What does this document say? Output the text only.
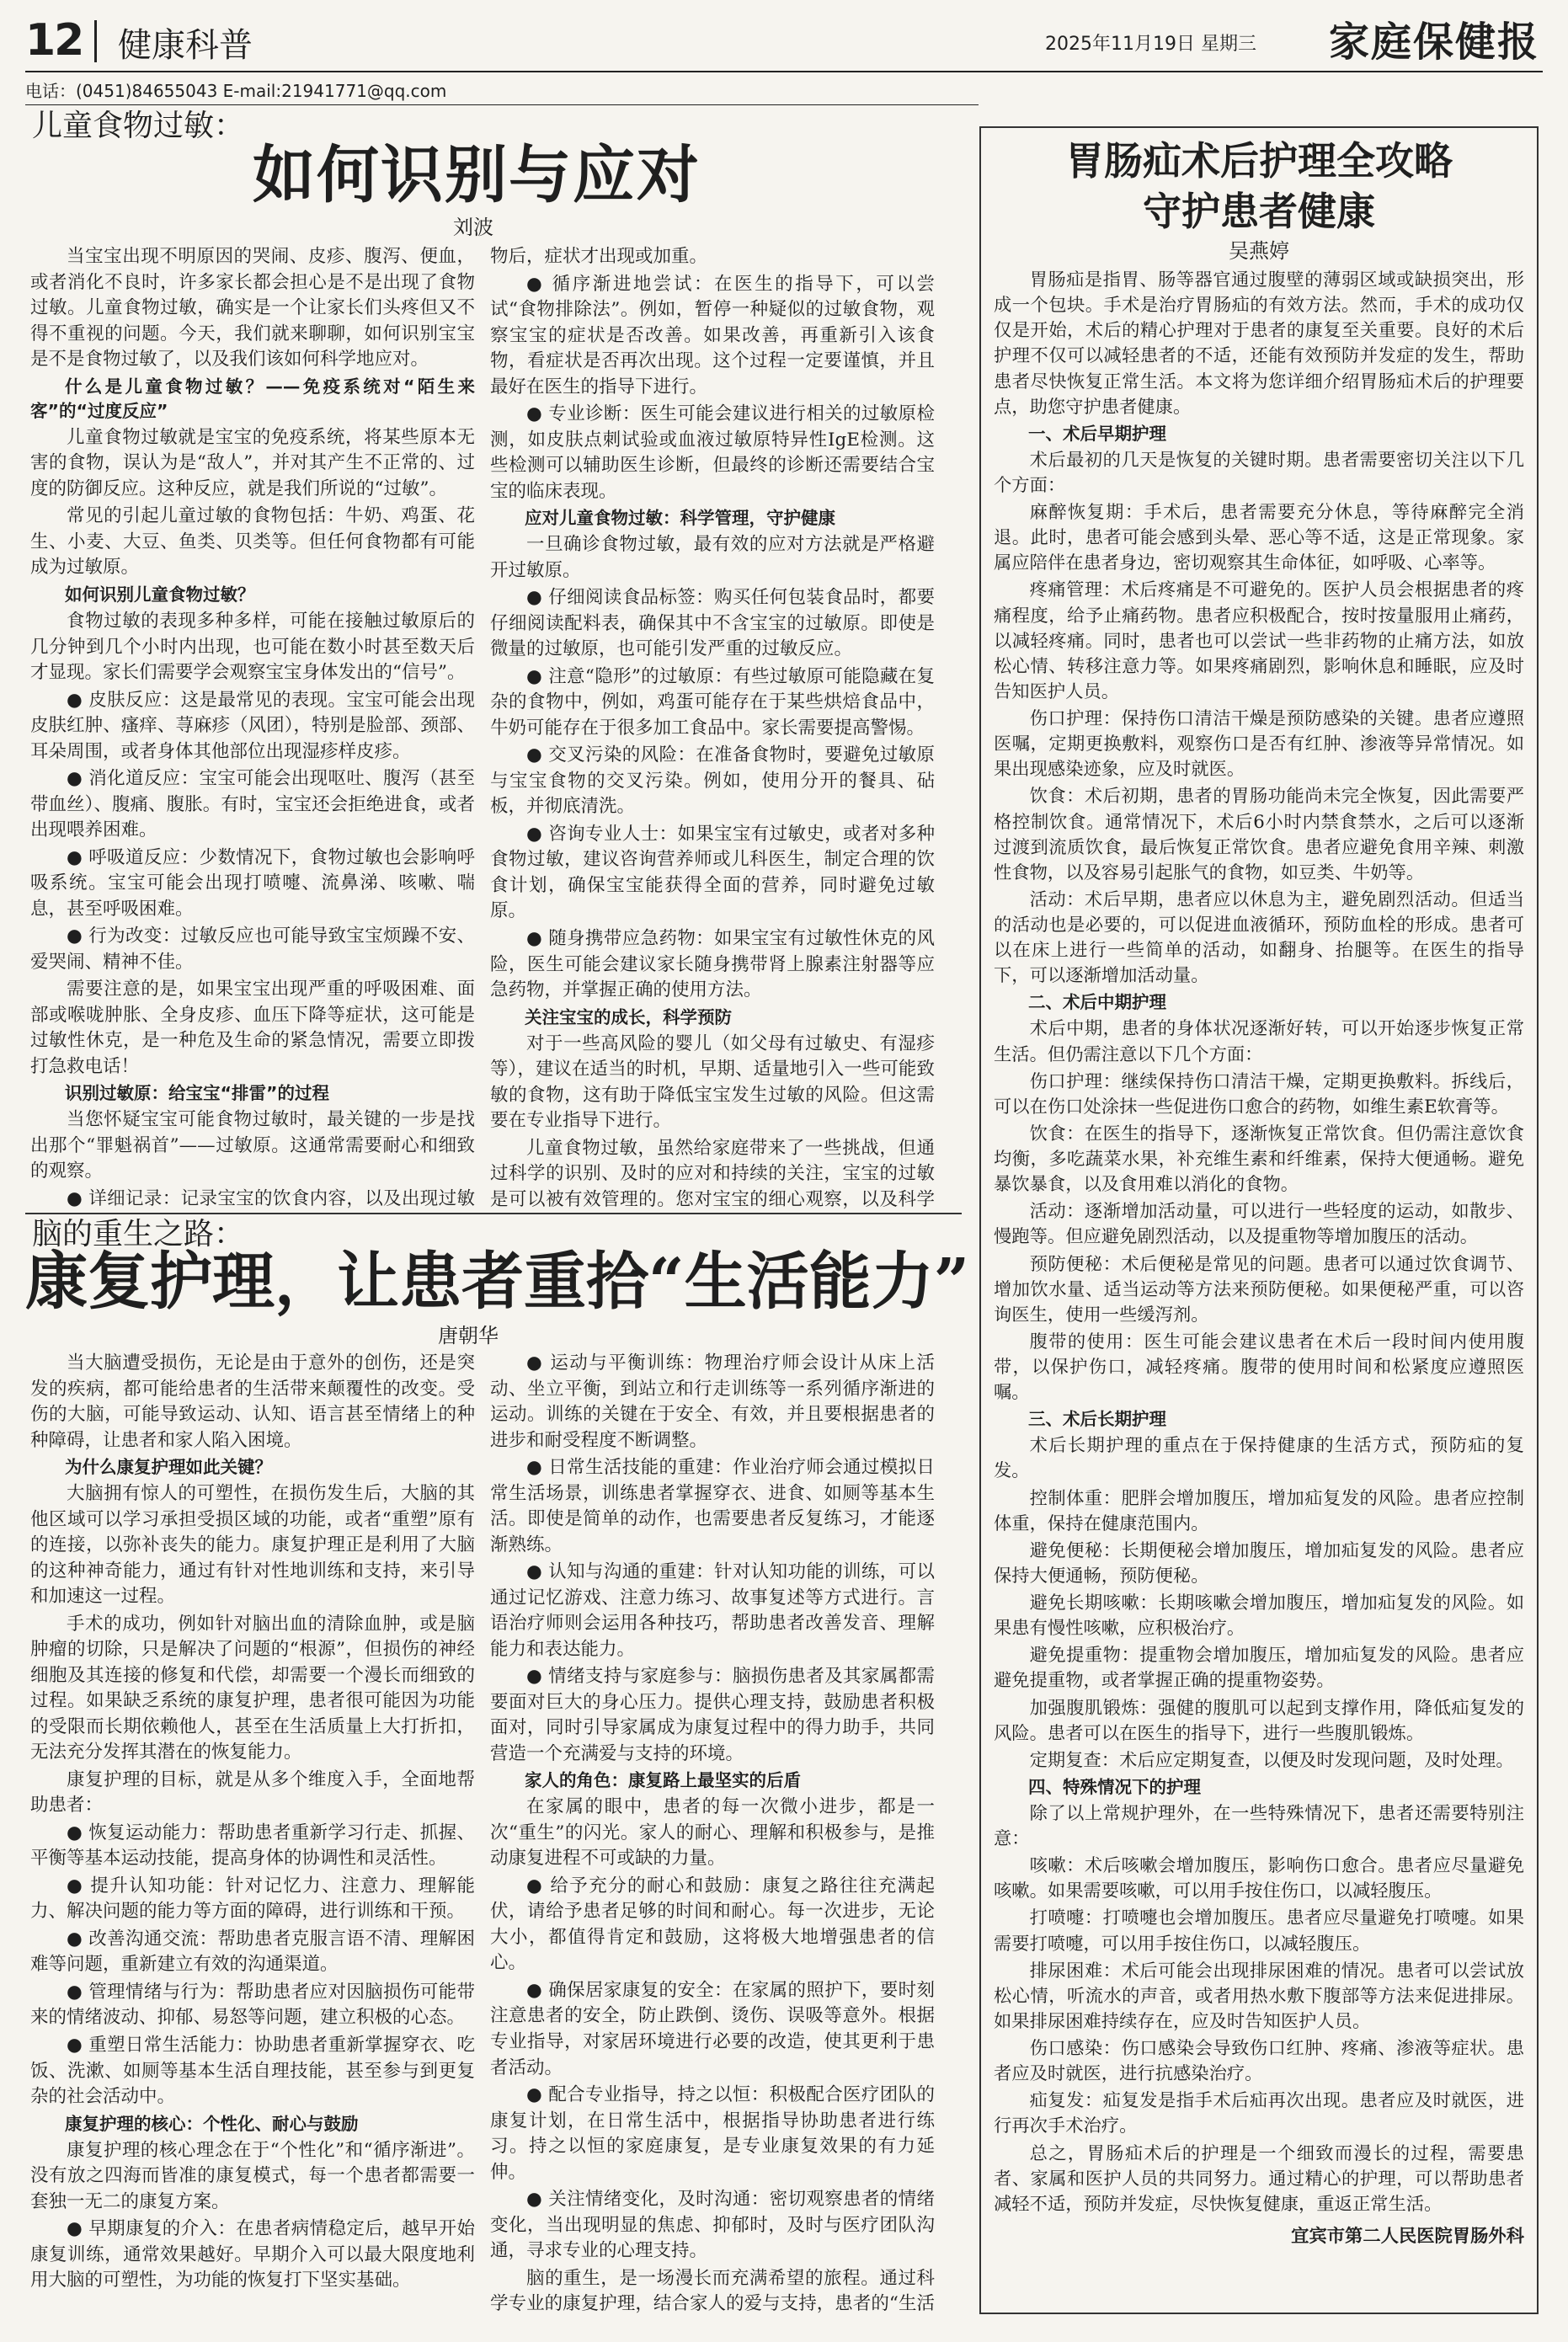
12 健康科普	2025年11月19日 星期三 家庭保健报
电话：(0451)84655043 E-mail:21941771@qq.com
儿童食物过敏：
如何识别与应对
刘波

当宝宝出现不明原因的哭闹、皮疹、腹泻、便血，或者消化不良时，许多家长都会担心是不是出现了食物过敏。儿童食物过敏，确实是一个让家长们头疼但又不得不重视的问题。今天，我们就来聊聊，如何识别宝宝是不是食物过敏了，以及我们该如何科学地应对。

什么是儿童食物过敏？——免疫系统对“陌生来客”的“过度反应”

儿童食物过敏就是宝宝的免疫系统，将某些原本无害的食物，误认为是“敌人”，并对其产生不正常的、过度的防御反应。这种反应，就是我们所说的“过敏”。

常见的引起儿童过敏的食物包括：牛奶、鸡蛋、花生、小麦、大豆、鱼类、贝类等。但任何食物都有可能成为过敏原。

如何识别儿童食物过敏？

食物过敏的表现多种多样，可能在接触过敏原后的几分钟到几个小时内出现，也可能在数小时甚至数天后才显现。家长们需要学会观察宝宝身体发出的“信号”。

● 皮肤反应：这是最常见的表现。宝宝可能会出现皮肤红肿、瘙痒、荨麻疹（风团），特别是脸部、颈部、耳朵周围，或者身体其他部位出现湿疹样皮疹。

● 消化道反应：宝宝可能会出现呕吐、腹泻（甚至带血丝）、腹痛、腹胀。有时，宝宝还会拒绝进食，或者出现喂养困难。

● 呼吸道反应：少数情况下，食物过敏也会影响呼吸系统。宝宝可能会出现打喷嚏、流鼻涕、咳嗽、喘息，甚至呼吸困难。

● 行为改变：过敏反应也可能导致宝宝烦躁不安、爱哭闹、精神不佳。

需要注意的是，如果宝宝出现严重的呼吸困难、面部或喉咙肿胀、全身皮疹、血压下降等症状，这可能是过敏性休克，是一种危及生命的紧急情况，需要立即拨打急救电话！

识别过敏原：给宝宝“排雷”的过程

当您怀疑宝宝可能食物过敏时，最关键的一步是找出那个“罪魁祸首”——过敏原。这通常需要耐心和细致的观察。

● 详细记录：记录宝宝的饮食内容，以及出现过敏

物后，症状才出现或加重。

● 循序渐进地尝试：在医生的指导下，可以尝试“食物排除法”。例如，暂停一种疑似的过敏食物，观察宝宝的症状是否改善。如果改善，再重新引入该食物，看症状是否再次出现。这个过程一定要谨慎，并且最好在医生的指导下进行。

● 专业诊断：医生可能会建议进行相关的过敏原检测，如皮肤点刺试验或血液过敏原特异性IgE检测。这些检测可以辅助医生诊断，但最终的诊断还需要结合宝宝的临床表现。

应对儿童食物过敏：科学管理，守护健康

一旦确诊食物过敏，最有效的应对方法就是严格避开过敏原。

● 仔细阅读食品标签：购买任何包装食品时，都要仔细阅读配料表，确保其中不含宝宝的过敏原。即使是微量的过敏原，也可能引发严重的过敏反应。

● 注意“隐形”的过敏原：有些过敏原可能隐藏在复杂的食物中，例如，鸡蛋可能存在于某些烘焙食品中，牛奶可能存在于很多加工食品中。家长需要提高警惕。

● 交叉污染的风险：在准备食物时，要避免过敏原与宝宝食物的交叉污染。例如，使用分开的餐具、砧板，并彻底清洗。

● 咨询专业人士：如果宝宝有过敏史，或者对多种食物过敏，建议咨询营养师或儿科医生，制定合理的饮食计划，确保宝宝能获得全面的营养，同时避免过敏原。

● 随身携带应急药物：如果宝宝有过敏性休克的风险，医生可能会建议家长随身携带肾上腺素注射器等应急药物，并掌握正确的使用方法。

关注宝宝的成长，科学预防

对于一些高风险的婴儿（如父母有过敏史、有湿疹等），建议在适当的时机，早期、适量地引入一些可能致敏的食物，这有助于降低宝宝发生过敏的风险。但这需要在专业指导下进行。

儿童食物过敏，虽然给家庭带来了一些挑战，但通过科学的识别、及时的应对和持续的关注，宝宝的过敏是可以被有效管理的。您对宝宝的细心观察，以及科学

脑的重生之路：
康复护理，让患者重拾“生活能力”
唐朝华

当大脑遭受损伤，无论是由于意外的创伤，还是突发的疾病，都可能给患者的生活带来颠覆性的改变。受伤的大脑，可能导致运动、认知、语言甚至情绪上的种种障碍，让患者和家人陷入困境。

为什么康复护理如此关键？

大脑拥有惊人的可塑性，在损伤发生后，大脑的其他区域可以学习承担受损区域的功能，或者“重塑”原有的连接，以弥补丧失的能力。康复护理正是利用了大脑的这种神奇能力，通过有针对性地训练和支持，来引导和加速这一过程。

手术的成功，例如针对脑出血的清除血肿，或是脑肿瘤的切除，只是解决了问题的“根源”，但损伤的神经细胞及其连接的修复和代偿，却需要一个漫长而细致的过程。如果缺乏系统的康复护理，患者很可能因为功能的受限而长期依赖他人，甚至在生活质量上大打折扣，无法充分发挥其潜在的恢复能力。

康复护理的目标，就是从多个维度入手，全面地帮助患者：

● 恢复运动能力：帮助患者重新学习行走、抓握、平衡等基本运动技能，提高身体的协调性和灵活性。

● 提升认知功能：针对记忆力、注意力、理解能力、解决问题的能力等方面的障碍，进行训练和干预。

● 改善沟通交流：帮助患者克服言语不清、理解困难等问题，重新建立有效的沟通渠道。

● 管理情绪与行为：帮助患者应对因脑损伤可能带来的情绪波动、抑郁、易怒等问题，建立积极的心态。

● 重塑日常生活能力：协助患者重新掌握穿衣、吃饭、洗漱、如厕等基本生活自理技能，甚至参与到更复杂的社会活动中。

康复护理的核心：个性化、耐心与鼓励

康复护理的核心理念在于“个性化”和“循序渐进”。没有放之四海而皆准的康复模式，每一个患者都需要一套独一无二的康复方案。

● 早期康复的介入：在患者病情稳定后，越早开始康复训练，通常效果越好。早期介入可以最大限度地利用大脑的可塑性，为功能的恢复打下坚实基础。

● 运动与平衡训练：物理治疗师会设计从床上活动、坐立平衡，到站立和行走训练等一系列循序渐进的运动。训练的关键在于安全、有效，并且要根据患者的进步和耐受程度不断调整。

● 日常生活技能的重建：作业治疗师会通过模拟日常生活场景，训练患者掌握穿衣、进食、如厕等基本生活。即使是简单的动作，也需要患者反复练习，才能逐渐熟练。

● 认知与沟通的重建：针对认知功能的训练，可以通过记忆游戏、注意力练习、故事复述等方式进行。言语治疗师则会运用各种技巧，帮助患者改善发音、理解能力和表达能力。

● 情绪支持与家庭参与：脑损伤患者及其家属都需要面对巨大的身心压力。提供心理支持，鼓励患者积极面对，同时引导家属成为康复过程中的得力助手，共同营造一个充满爱与支持的环境。

家人的角色：康复路上最坚实的后盾

在家属的眼中，患者的每一次微小进步，都是一次“重生”的闪光。家人的耐心、理解和积极参与，是推动康复进程不可或缺的力量。

● 给予充分的耐心和鼓励：康复之路往往充满起伏，请给予患者足够的时间和耐心。每一次进步，无论大小，都值得肯定和鼓励，这将极大地增强患者的信心。

● 确保居家康复的安全：在家属的照护下，要时刻注意患者的安全，防止跌倒、烫伤、误吸等意外。根据专业指导，对家居环境进行必要的改造，使其更利于患者活动。

● 配合专业指导，持之以恒：积极配合医疗团队的康复计划，在日常生活中，根据指导协助患者进行练习。持之以恒的家庭康复，是专业康复效果的有力延伸。

● 关注情绪变化，及时沟通：密切观察患者的情绪变化，当出现明显的焦虑、抑郁时，及时与医疗团队沟通，寻求专业的心理支持。

脑的重生，是一场漫长而充满希望的旅程。通过科学专业的康复护理，结合家人的爱与支持，患者的“生活

胃肠疝术后护理全攻略
守护患者健康
吴燕婷

胃肠疝是指胃、肠等器官通过腹壁的薄弱区域或缺损突出，形成一个包块。手术是治疗胃肠疝的有效方法。然而，手术的成功仅仅是开始，术后的精心护理对于患者的康复至关重要。良好的术后护理不仅可以减轻患者的不适，还能有效预防并发症的发生，帮助患者尽快恢复正常生活。本文将为您详细介绍胃肠疝术后的护理要点，助您守护患者健康。

一、术后早期护理

术后最初的几天是恢复的关键时期。患者需要密切关注以下几个方面：

麻醉恢复期：手术后，患者需要充分休息，等待麻醉完全消退。此时，患者可能会感到头晕、恶心等不适，这是正常现象。家属应陪伴在患者身边，密切观察其生命体征，如呼吸、心率等。

疼痛管理：术后疼痛是不可避免的。医护人员会根据患者的疼痛程度，给予止痛药物。患者应积极配合，按时按量服用止痛药，以减轻疼痛。同时，患者也可以尝试一些非药物的止痛方法，如放松心情、转移注意力等。如果疼痛剧烈，影响休息和睡眠，应及时告知医护人员。

伤口护理：保持伤口清洁干燥是预防感染的关键。患者应遵照医嘱，定期更换敷料，观察伤口是否有红肿、渗液等异常情况。如果出现感染迹象，应及时就医。

饮食：术后初期，患者的胃肠功能尚未完全恢复，因此需要严格控制饮食。通常情况下，术后6小时内禁食禁水，之后可以逐渐过渡到流质饮食，最后恢复正常饮食。患者应避免食用辛辣、刺激性食物，以及容易引起胀气的食物，如豆类、牛奶等。

活动：术后早期，患者应以休息为主，避免剧烈活动。但适当的活动也是必要的，可以促进血液循环，预防血栓的形成。患者可以在床上进行一些简单的活动，如翻身、抬腿等。在医生的指导下，可以逐渐增加活动量。

二、术后中期护理

术后中期，患者的身体状况逐渐好转，可以开始逐步恢复正常生活。但仍需注意以下几个方面：

伤口护理：继续保持伤口清洁干燥，定期更换敷料。拆线后，可以在伤口处涂抹一些促进伤口愈合的药物，如维生素E软膏等。

饮食：在医生的指导下，逐渐恢复正常饮食。但仍需注意饮食均衡，多吃蔬菜水果，补充维生素和纤维素，保持大便通畅。避免暴饮暴食，以及食用难以消化的食物。

活动：逐渐增加活动量，可以进行一些轻度的运动，如散步、慢跑等。但应避免剧烈活动，以及提重物等增加腹压的活动。

预防便秘：术后便秘是常见的问题。患者可以通过饮食调节、增加饮水量、适当运动等方法来预防便秘。如果便秘严重，可以咨询医生，使用一些缓泻剂。

腹带的使用：医生可能会建议患者在术后一段时间内使用腹带，以保护伤口，减轻疼痛。腹带的使用时间和松紧度应遵照医嘱。

三、术后长期护理

术后长期护理的重点在于保持健康的生活方式，预防疝的复发。

控制体重：肥胖会增加腹压，增加疝复发的风险。患者应控制体重，保持在健康范围内。

避免便秘：长期便秘会增加腹压，增加疝复发的风险。患者应保持大便通畅，预防便秘。

避免长期咳嗽：长期咳嗽会增加腹压，增加疝复发的风险。如果患有慢性咳嗽，应积极治疗。

避免提重物：提重物会增加腹压，增加疝复发的风险。患者应避免提重物，或者掌握正确的提重物姿势。

加强腹肌锻炼：强健的腹肌可以起到支撑作用，降低疝复发的风险。患者可以在医生的指导下，进行一些腹肌锻炼。

定期复查：术后应定期复查，以便及时发现问题，及时处理。

四、特殊情况下的护理

除了以上常规护理外，在一些特殊情况下，患者还需要特别注意：

咳嗽：术后咳嗽会增加腹压，影响伤口愈合。患者应尽量避免咳嗽。如果需要咳嗽，可以用手按住伤口，以减轻腹压。

打喷嚏：打喷嚏也会增加腹压。患者应尽量避免打喷嚏。如果需要打喷嚏，可以用手按住伤口，以减轻腹压。

排尿困难：术后可能会出现排尿困难的情况。患者可以尝试放松心情，听流水的声音，或者用热水敷下腹部等方法来促进排尿。如果排尿困难持续存在，应及时告知医护人员。

伤口感染：伤口感染会导致伤口红肿、疼痛、渗液等症状。患者应及时就医，进行抗感染治疗。

疝复发：疝复发是指手术后疝再次出现。患者应及时就医，进行再次手术治疗。

总之，胃肠疝术后的护理是一个细致而漫长的过程，需要患者、家属和医护人员的共同努力。通过精心的护理，可以帮助患者减轻不适，预防并发症，尽快恢复健康，重返正常生活。

宜宾市第二人民医院胃肠外科
